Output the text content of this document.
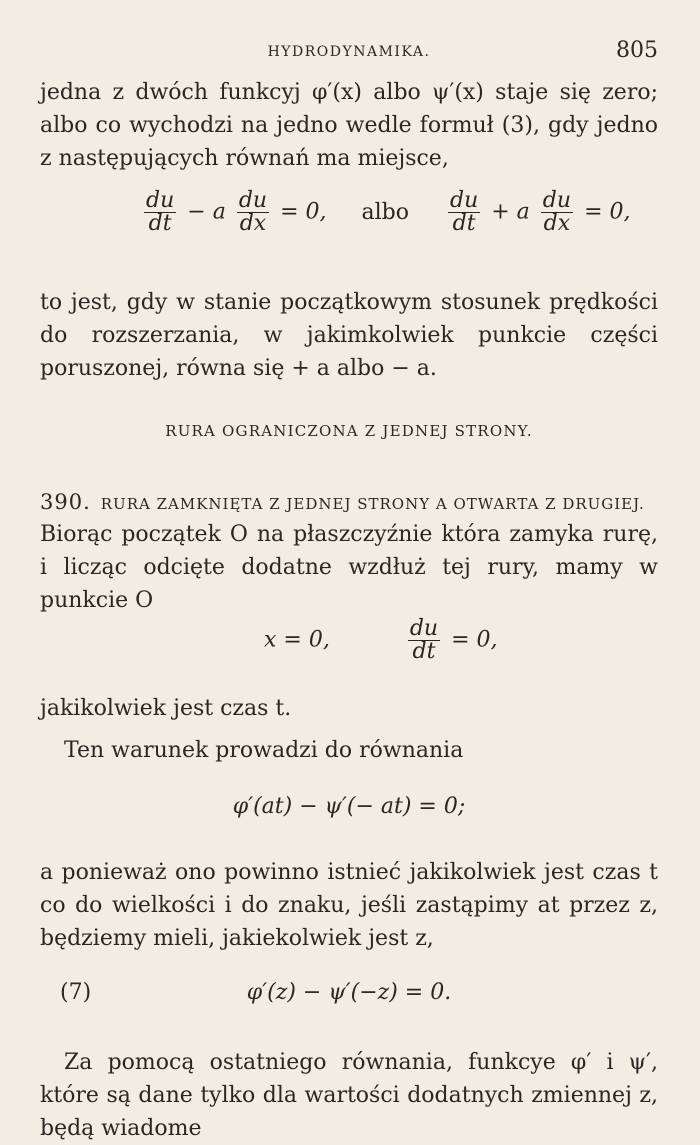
HYDRODYNAMIKA.	805
jedna z dwóch funkcyj φ′(x) albo ψ′(x) staje się zero; albo co wychodzi na jedno wedle formuł (3), gdy jedno z następujących równań ma miejsce,
$\frac{du}{dt} - a \frac{du}{dx} = 0$, albo $\frac{du}{dt} + a \frac{du}{dx} = 0$,
to jest, gdy w stanie początkowym stosunek prędkości do rozszerzania, w jakimkolwiek punkcie części poruszonej, równa się + a albo − a.
RURA OGRANICZONA Z JEDNEJ STRONY.
390. RURA ZAMKNIĘTA Z JEDNEJ STRONY A OTWARTA Z DRUGIEJ.
Biorąc początek O na płaszczyźnie która zamyka rurę, i licząc odcięte dodatne wzdłuż tej rury, mamy w punkcie O
x = 0,	$\frac{du}{dt} = 0$,
jakikolwiek jest czas t.
Ten warunek prowadzi do równania
φ′(at) − ψ′(− at) = 0;
a ponieważ ono powinno istnieć jakikolwiek jest czas t co do wielkości i do znaku, jeśli zastąpimy at przez z, będziemy mieli, jakiekolwiek jest z,
(7)	φ′(z) − ψ′(−z) = 0.
Za pomocą ostatniego równania, funkcye φ′ i ψ′, które są dane tylko dla wartości dodatnych zmiennej z, będą wiadome
